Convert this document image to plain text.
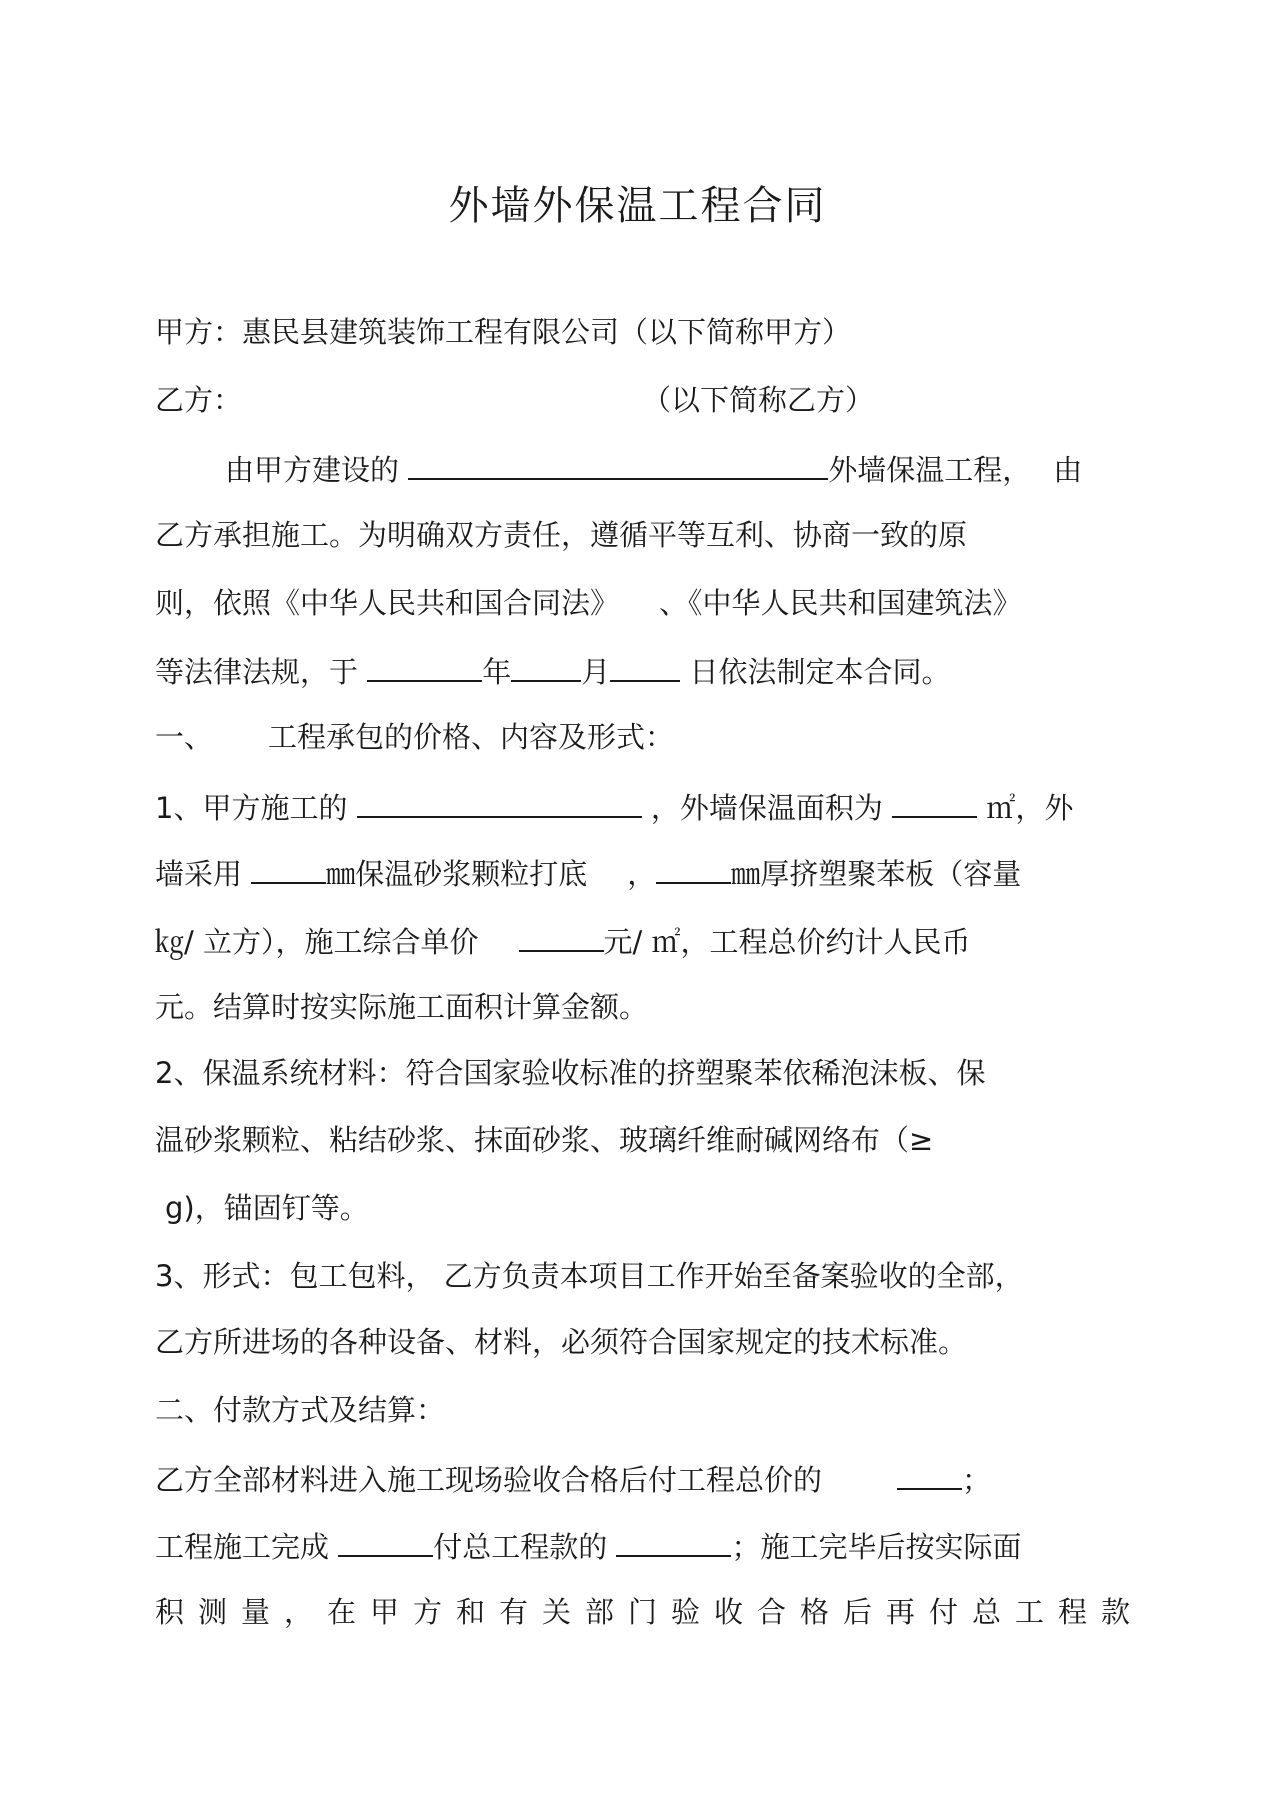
外墙外保温工程合同
甲方：惠民县建筑装饰工程有限公司（以下简称甲方）
乙方：	（以下简称乙方）
由甲方建设的	外墙保温工程， 由
乙方承担施工。为明确双方责任，遵循平等互利、协商一致的原
则，依照《中华人民共和国合同法》 、《中华人民共和国建筑法》
等法律法规，于	年 月	日依法制定本合同。
一、 工程承包的价格、内容及形式：
1、甲方施工的	，外墙保温面积为	㎡，外
墙采用	㎜保温砂浆颗粒打底 ，	㎜厚挤塑聚苯板（容量
㎏/ 立方），施工综合单价	元/ ㎡，工程总价约计人民币
元。结算时按实际施工面积计算金额。
2、保温系统材料：符合国家验收标准的挤塑聚苯依稀泡沫板、保
温砂浆颗粒、粘结砂浆、抹面砂浆、玻璃纤维耐碱网络布（≥
g)，锚固钉等。
3、形式：包工包料， 乙方负责本项目工作开始至备案验收的全部，
乙方所进场的各种设备、材料，必须符合国家规定的技术标准。
二、付款方式及结算：
乙方全部材料进入施工现场验收合格后付工程总价的	；
工程施工完成	付总工程款的	；施工完毕后按实际面
积测量，在甲方和有关部门验收合格后再付总工程款
